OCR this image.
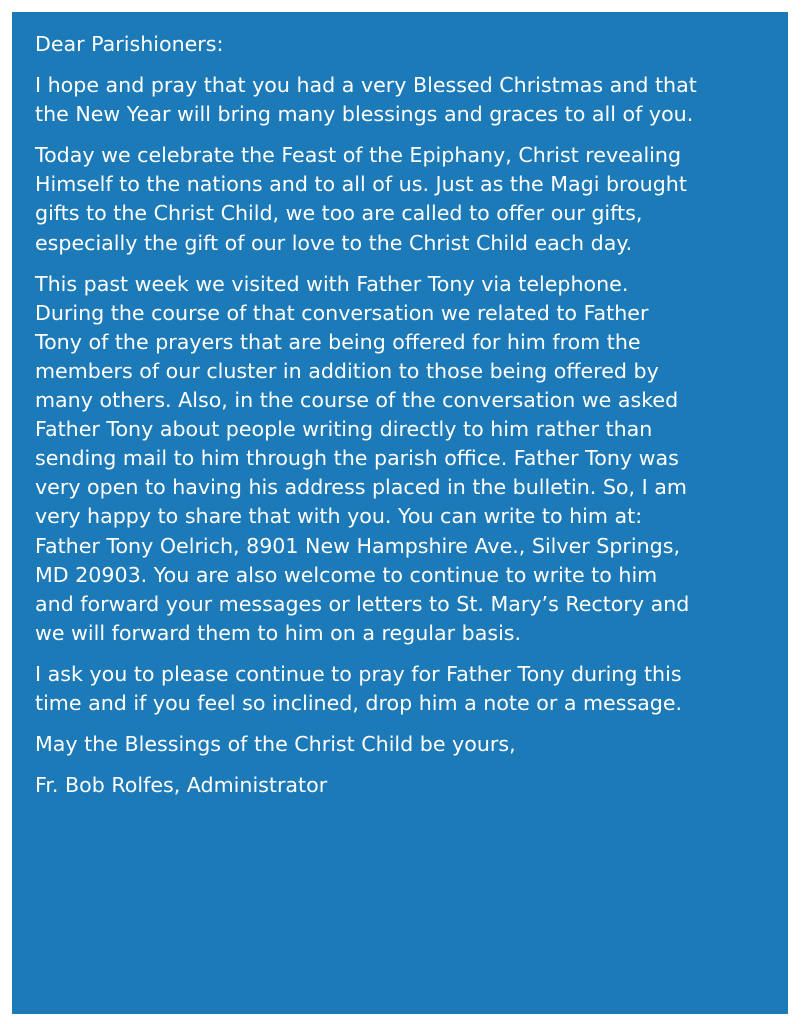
Dear Parishioners:

I hope and pray that you had a very Blessed Christmas and that
the New Year will bring many blessings and graces to all of you.

Today we celebrate the Feast of the Epiphany, Christ revealing
Himself to the nations and to all of us. Just as the Magi brought
gifts to the Christ Child, we too are called to offer our gifts,
especially the gift of our love to the Christ Child each day.

This past week we visited with Father Tony via telephone.
During the course of that conversation we related to Father
Tony of the prayers that are being offered for him from the
members of our cluster in addition to those being offered by
many others. Also, in the course of the conversation we asked
Father Tony about people writing directly to him rather than
sending mail to him through the parish office. Father Tony was
very open to having his address placed in the bulletin. So, I am
very happy to share that with you. You can write to him at:
Father Tony Oelrich, 8901 New Hampshire Ave., Silver Springs,
MD 20903. You are also welcome to continue to write to him
and forward your messages or letters to St. Mary’s Rectory and
we will forward them to him on a regular basis.

I ask you to please continue to pray for Father Tony during this
time and if you feel so inclined, drop him a note or a message.

May the Blessings of the Christ Child be yours,

Fr. Bob Rolfes, Administrator
